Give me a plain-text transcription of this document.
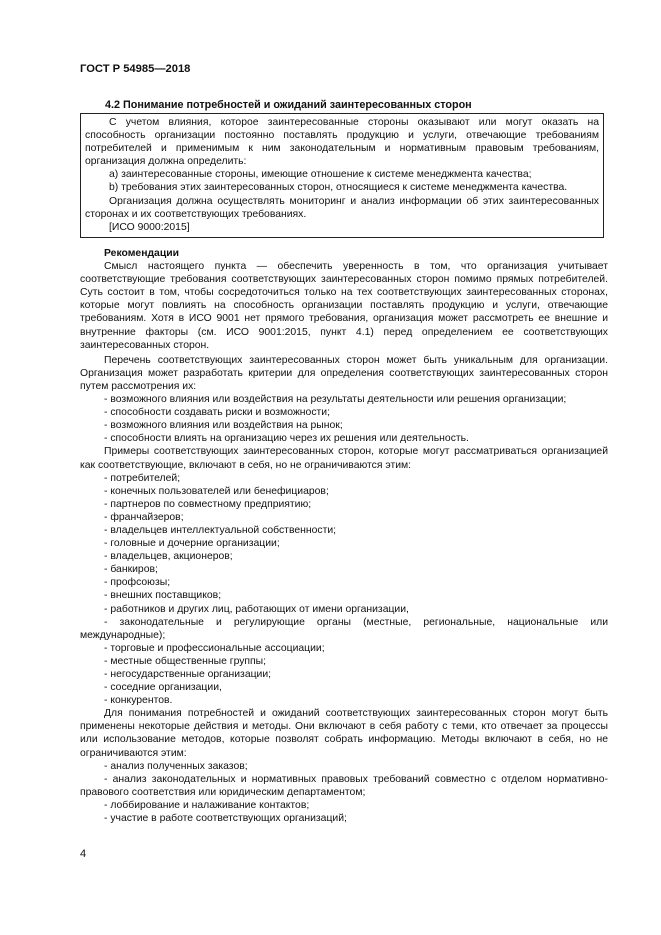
ГОСТ Р 54985—2018
4.2 Понимание потребностей и ожиданий заинтересованных сторон

С учетом влияния, которое заинтересованные стороны оказывают или могут оказать на способность организации постоянно поставлять продукцию и услуги, отвечающие требованиям потребителей и применимым к ним законодательным и нормативным правовым требованиям, организация должна определить:

a) заинтересованные стороны, имеющие отношение к системе менеджмента качества;

b) требования этих заинтересованных сторон, относящиеся к системе менеджмента качества.

Организация должна осуществлять мониторинг и анализ информации об этих заинтересованных сторонах и их соответствующих требованиях.

[ИСО 9000:2015]

Рекомендации

Смысл настоящего пункта — обеспечить уверенность в том, что организация учитывает соответствующие требования соответствующих заинтересованных сторон помимо прямых потребителей. Суть состоит в том, чтобы сосредоточиться только на тех соответствующих заинтересованных сторонах, которые могут повлиять на способность организации поставлять продукцию и услуги, отвечающие требованиям. Хотя в ИСО 9001 нет прямого требования, организация может рассмотреть ее внешние и внутренние факторы (см. ИСО 9001:2015, пункт 4.1) перед определением ее соответствующих заинтересованных сторон.

Перечень соответствующих заинтересованных сторон может быть уникальным для организации. Организация может разработать критерии для определения соответствующих заинтересованных сторон путем рассмотрения их:

- возможного влияния или воздействия на результаты деятельности или решения организации;

- способности создавать риски и возможности;

- возможного влияния или воздействия на рынок;

- способности влиять на организацию через их решения или деятельность.

Примеры соответствующих заинтересованных сторон, которые могут рассматриваться организацией как соответствующие, включают в себя, но не ограничиваются этим:

- потребителей;

- конечных пользователей или бенефициаров;

- партнеров по совместному предприятию;

- франчайзеров;

- владельцев интеллектуальной собственности;

- головные и дочерние организации;

- владельцев, акционеров;

- банкиров;

- профсоюзы;

- внешних поставщиков;

- работников и других лиц, работающих от имени организации,

- законодательные и регулирующие органы (местные, региональные, национальные или международные);

- торговые и профессиональные ассоциации;

- местные общественные группы;

- негосударственные организации;

- соседние организации,

- конкурентов.

Для понимания потребностей и ожиданий соответствующих заинтересованных сторон могут быть применены некоторые действия и методы. Они включают в себя работу с теми, кто отвечает за процессы или использование методов, которые позволят собрать информацию. Методы включают в себя, но не ограничиваются этим:

- анализ полученных заказов;

- анализ законодательных и нормативных правовых требований совместно с отделом нормативно-правового соответствия или юридическим департаментом;

- лоббирование и налаживание контактов;

- участие в работе соответствующих организаций;

4
